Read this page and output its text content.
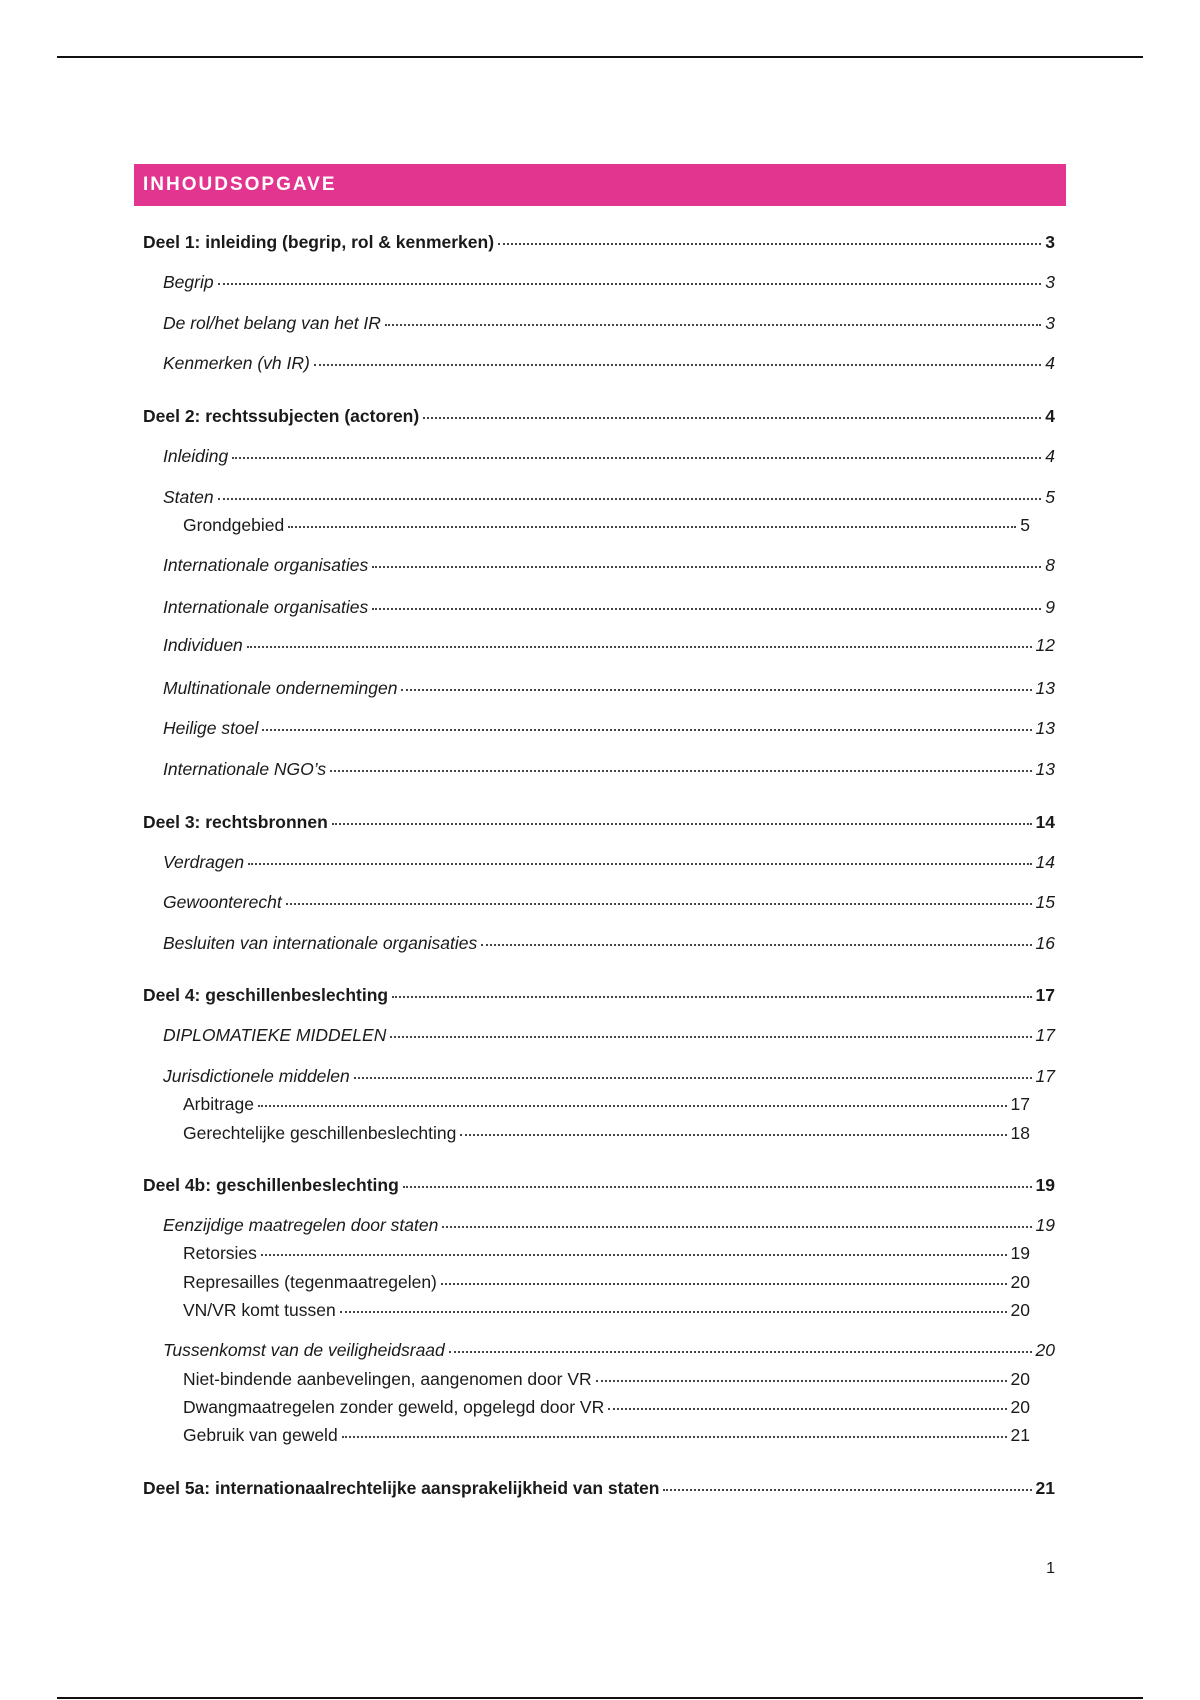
INHOUDSOPGAVE
Deel 1: inleiding (begrip, rol & kenmerken)	3
Begrip	3
De rol/het belang van het IR	3
Kenmerken (vh IR)	4
Deel 2: rechtssubjecten (actoren)	4
Inleiding	4
Staten	5
Grondgebied	5
Internationale organisaties	8
Internationale organisaties	9
Individuen	12
Multinationale ondernemingen	13
Heilige stoel	13
Internationale NGO’s	13
Deel 3: rechtsbronnen	14
Verdragen	14
Gewoonterecht	15
Besluiten van internationale organisaties	16
Deel 4: geschillenbeslechting	17
DIPLOMATIEKE MIDDELEN	17
Jurisdictionele middelen	17
Arbitrage	17
Gerechtelijke geschillenbeslechting	18
Deel 4b: geschillenbeslechting	19
Eenzijdige maatregelen door staten	19
Retorsies	19
Represailles (tegenmaatregelen)	20
VN/VR komt tussen	20
Tussenkomst van de veiligheidsraad	20
Niet-bindende aanbevelingen, aangenomen door VR	20
Dwangmaatregelen zonder geweld, opgelegd door VR	20
Gebruik van geweld	21
Deel 5a: internationaalrechtelijke aansprakelijkheid van staten	21
1
